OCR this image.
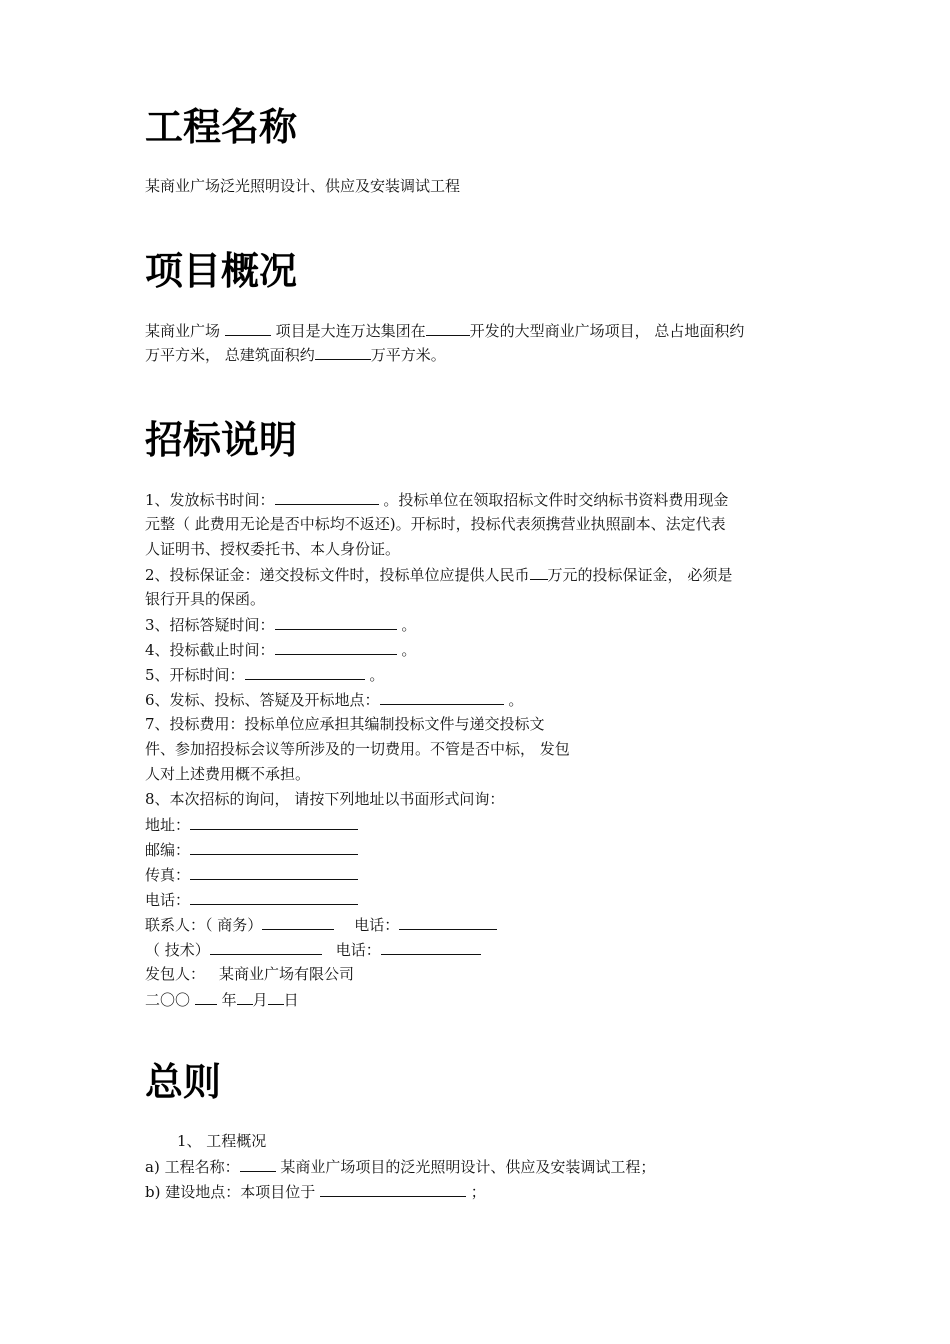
工程名称
某商业广场泛光照明设计、供应及安装调试工程
项目概况
某商业广场	项目是大连万达集团在	开发的大型商业广场项目， 总占地面积约
万平方米， 总建筑面积约	万平方米。
招标说明
1、发放标书时间：	。投标单位在领取招标文件时交纳标书资料费用现金
元整（ 此费用无论是否中标均不返还)。开标时，投标代表须携营业执照副本、法定代表
人证明书、授权委托书、本人身份证。
2、投标保证金：递交投标文件时，投标单位应提供人民币 万元的投标保证金， 必须是
银行开具的保函。
3、招标答疑时间：	。
4、投标截止时间：	。
5、开标时间：	。
6、发标、投标、答疑及开标地点：	。
7、投标费用：投标单位应承担其编制投标文件与递交投标文
件、参加招投标会议等所涉及的一切费用。不管是否中标， 发包
人对上述费用概不承担。
8、本次招标的询问， 请按下列地址以书面形式问询：
地址：
邮编：
传真：
电话：
联系人：（ 商务）	电话：
（ 技术）	电话：
发包人： 某商业广场有限公司
二〇〇 年 月 日
总则
1、 工程概况
a) 工程名称：	某商业广场项目的泛光照明设计、供应及安装调试工程；
b) 建设地点：本项目位于	；
